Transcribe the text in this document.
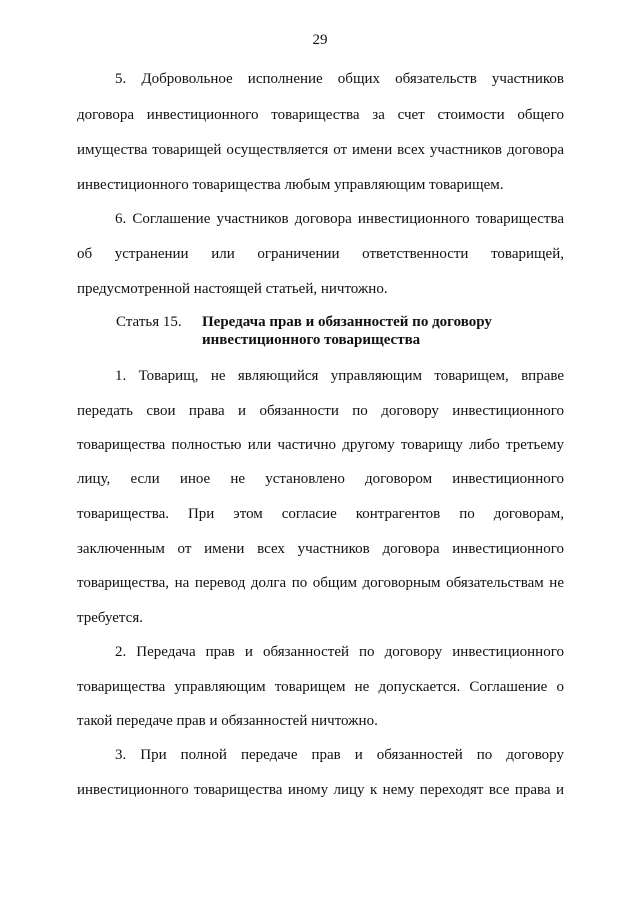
29
5. Добровольное исполнение общих обязательств участников
договора инвестиционного товарищества за счет стоимости общего
имущества товарищей осуществляется от имени всех участников договора
инвестиционного товарищества любым управляющим товарищем.
6. Соглашение участников договора инвестиционного товарищества
об устранении или ограничении ответственности товарищей,
предусмотренной настоящей статьей, ничтожно.
Статья 15. Передача прав и обязанностей по договору
инвестиционного товарищества
1. Товарищ, не являющийся управляющим товарищем, вправе
передать свои права и обязанности по договору инвестиционного
товарищества полностью или частично другому товарищу либо третьему
лицу, если иное не установлено договором инвестиционного
товарищества. При этом согласие контрагентов по договорам,
заключенным от имени всех участников договора инвестиционного
товарищества, на перевод долга по общим договорным обязательствам не
требуется.
2. Передача прав и обязанностей по договору инвестиционного
товарищества управляющим товарищем не допускается. Соглашение о
такой передаче прав и обязанностей ничтожно.
3. При полной передаче прав и обязанностей по договору
инвестиционного товарищества иному лицу к нему переходят все права и
